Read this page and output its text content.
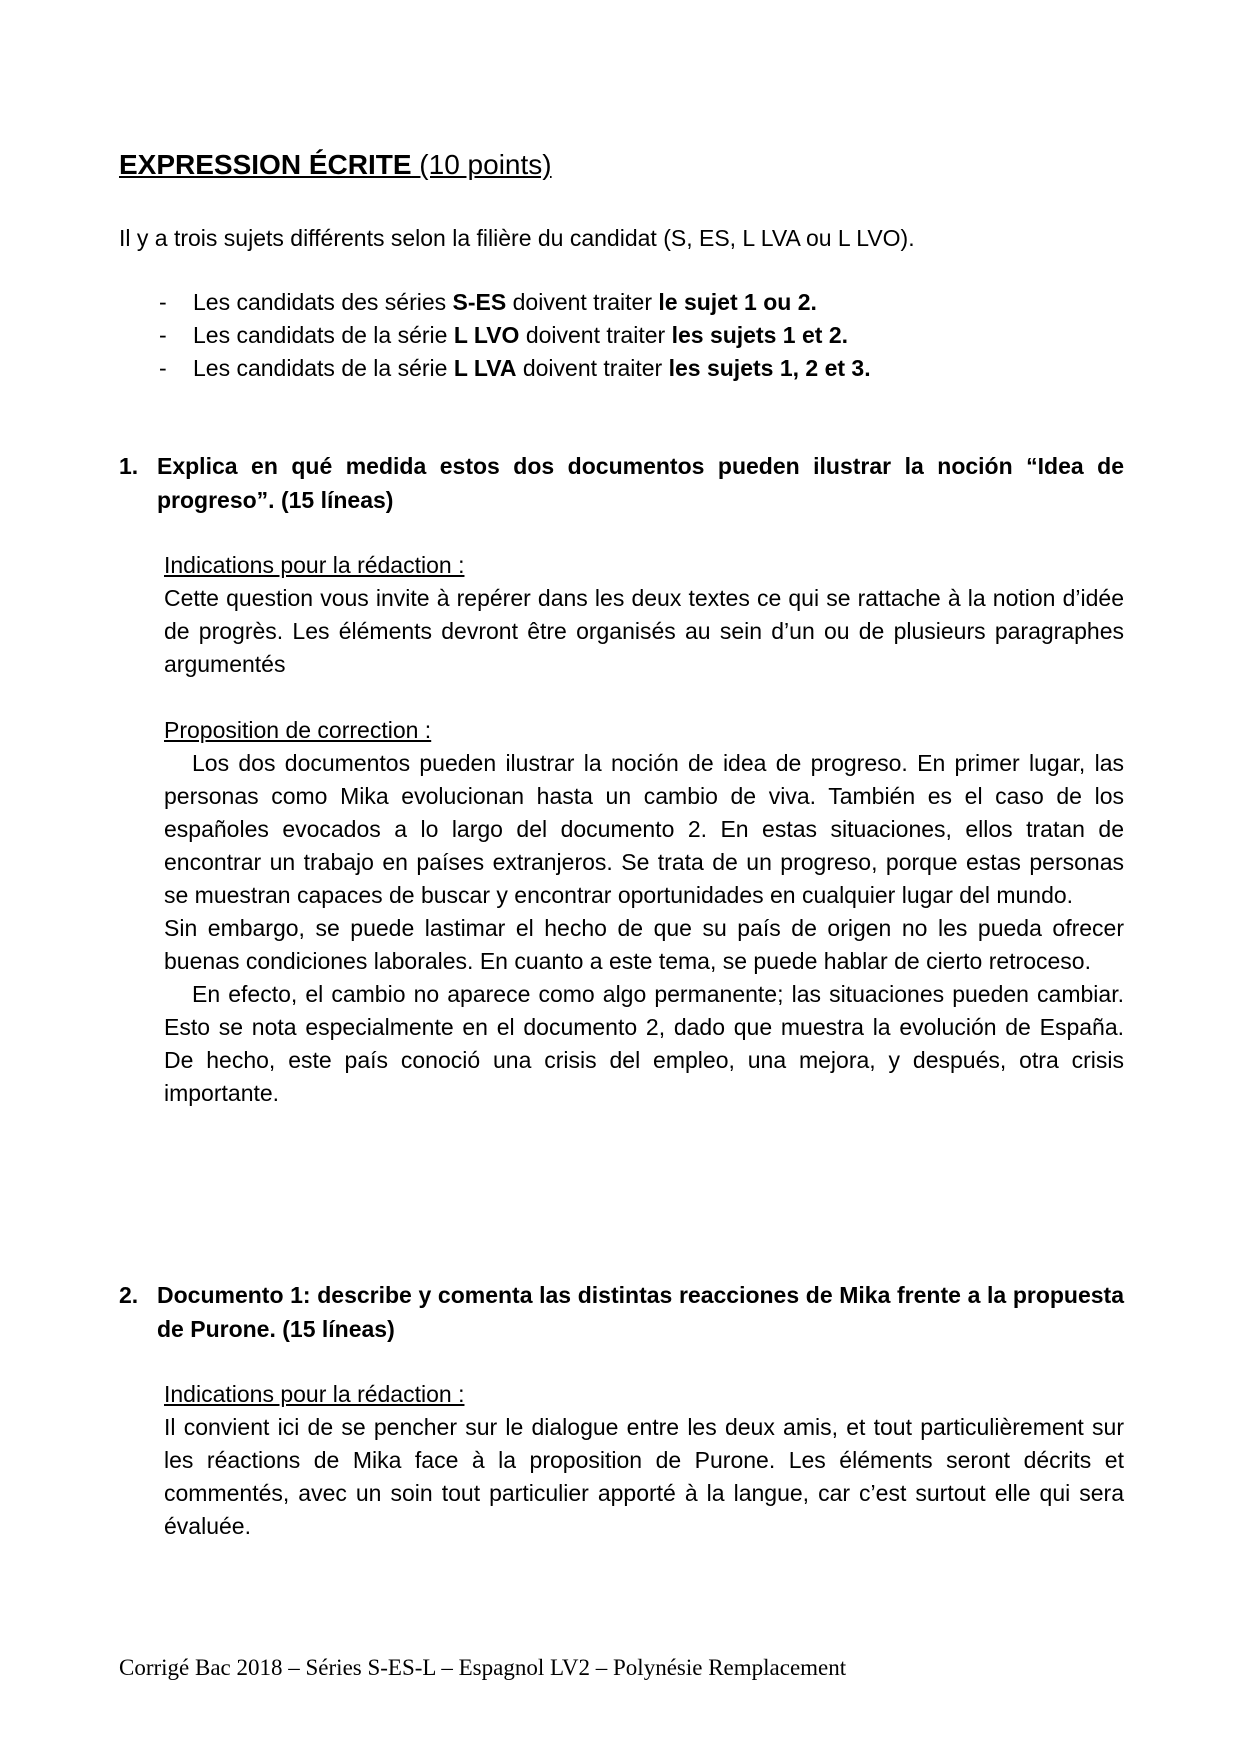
EXPRESSION ÉCRITE (10 points)
Il y a trois sujets différents selon la filière du candidat (S, ES, L LVA ou L LVO).
- Les candidats des séries S-ES doivent traiter le sujet 1 ou 2.
- Les candidats de la série L LVO doivent traiter les sujets 1 et 2.
- Les candidats de la série L LVA doivent traiter les sujets 1, 2 et 3.
1. Explica en qué medida estos dos documentos pueden ilustrar la noción “Idea de progreso”. (15 líneas)
Indications pour la rédaction :

Cette question vous invite à repérer dans les deux textes ce qui se rattache à la notion d’idée de progrès. Les éléments devront être organisés au sein d’un ou de plusieurs paragraphes argumentés

Proposition de correction :

Los dos documentos pueden ilustrar la noción de idea de progreso. En primer lugar, las personas como Mika evolucionan hasta un cambio de viva. También es el caso de los españoles evocados a lo largo del documento 2. En estas situaciones, ellos tratan de encontrar un trabajo en países extranjeros. Se trata de un progreso, porque estas personas se muestran capaces de buscar y encontrar oportunidades en cualquier lugar del mundo.

Sin embargo, se puede lastimar el hecho de que su país de origen no les pueda ofrecer buenas condiciones laborales. En cuanto a este tema, se puede hablar de cierto retroceso.

En efecto, el cambio no aparece como algo permanente; las situaciones pueden cambiar. Esto se nota especialmente en el documento 2, dado que muestra la evolución de España. De hecho, este país conoció una crisis del empleo, una mejora, y después, otra crisis importante.

2. Documento 1: describe y comenta las distintas reacciones de Mika frente a la propuesta de Purone. (15 líneas)
Indications pour la rédaction :

Il convient ici de se pencher sur le dialogue entre les deux amis, et tout particulièrement sur les réactions de Mika face à la proposition de Purone. Les éléments seront décrits et commentés, avec un soin tout particulier apporté à la langue, car c’est surtout elle qui sera évaluée.

Corrigé Bac 2018 – Séries S-ES-L – Espagnol LV2 – Polynésie Remplacement
